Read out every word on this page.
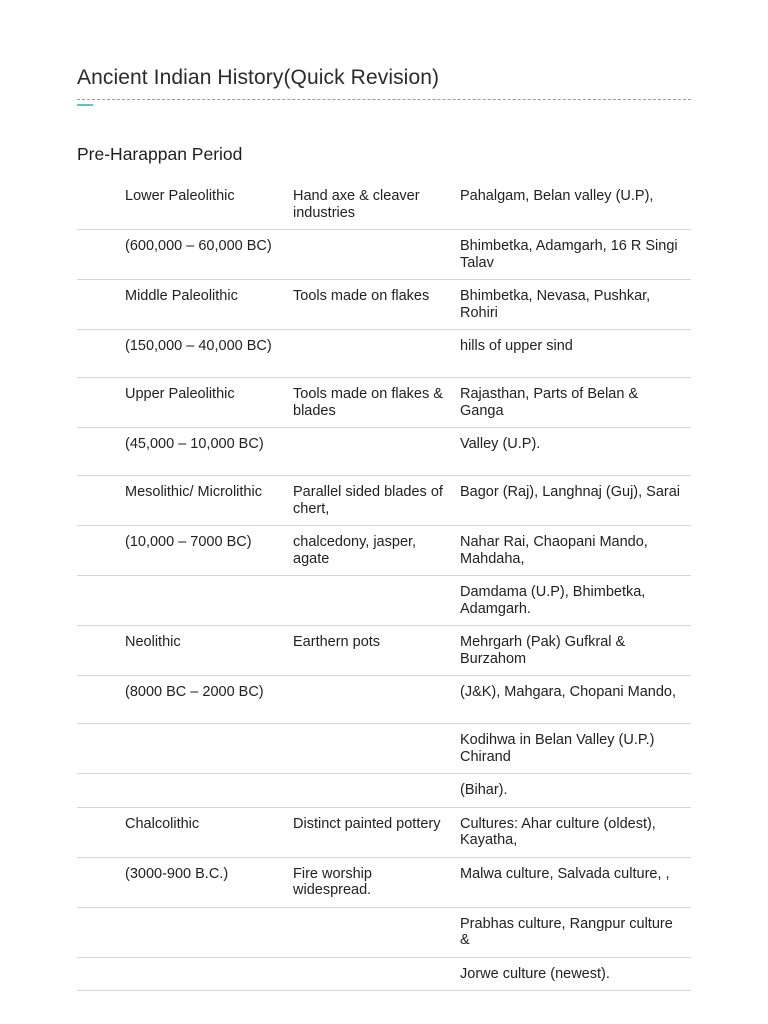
Ancient Indian History(Quick Revision)
Pre-Harappan Period
	Lower Paleolithic	Hand axe & cleaver industries	Pahalgam, Belan valley (U.P),
	(600,000 – 60,000 BC)		Bhimbetka, Adamgarh, 16 R Singi Talav
	Middle Paleolithic	Tools made on flakes	Bhimbetka, Nevasa, Pushkar, Rohiri
	(150,000 – 40,000 BC)		hills of upper sind
	Upper Paleolithic	Tools made on flakes & blades	Rajasthan, Parts of Belan & Ganga
	(45,000 – 10,000 BC)		Valley (U.P).
	Mesolithic/ Microlithic	Parallel sided blades of chert,	Bagor (Raj), Langhnaj (Guj), Sarai
	(10,000 – 7000 BC)	chalcedony, jasper, agate	Nahar Rai, Chaopani Mando, Mahdaha,
			Damdama (U.P), Bhimbetka, Adamgarh.
	Neolithic	Earthern pots	Mehrgarh (Pak) Gufkral & Burzahom
	(8000 BC – 2000 BC)		(J&K), Mahgara, Chopani Mando,
			Kodihwa in Belan Valley (U.P.) Chirand
			(Bihar).
	Chalcolithic	Distinct painted pottery	Cultures: Ahar culture (oldest), Kayatha,
	(3000-900 B.C.)	Fire worship widespread.	Malwa culture, Salvada culture, ,
			Prabhas culture, Rangpur culture &
			Jorwe culture (newest).
